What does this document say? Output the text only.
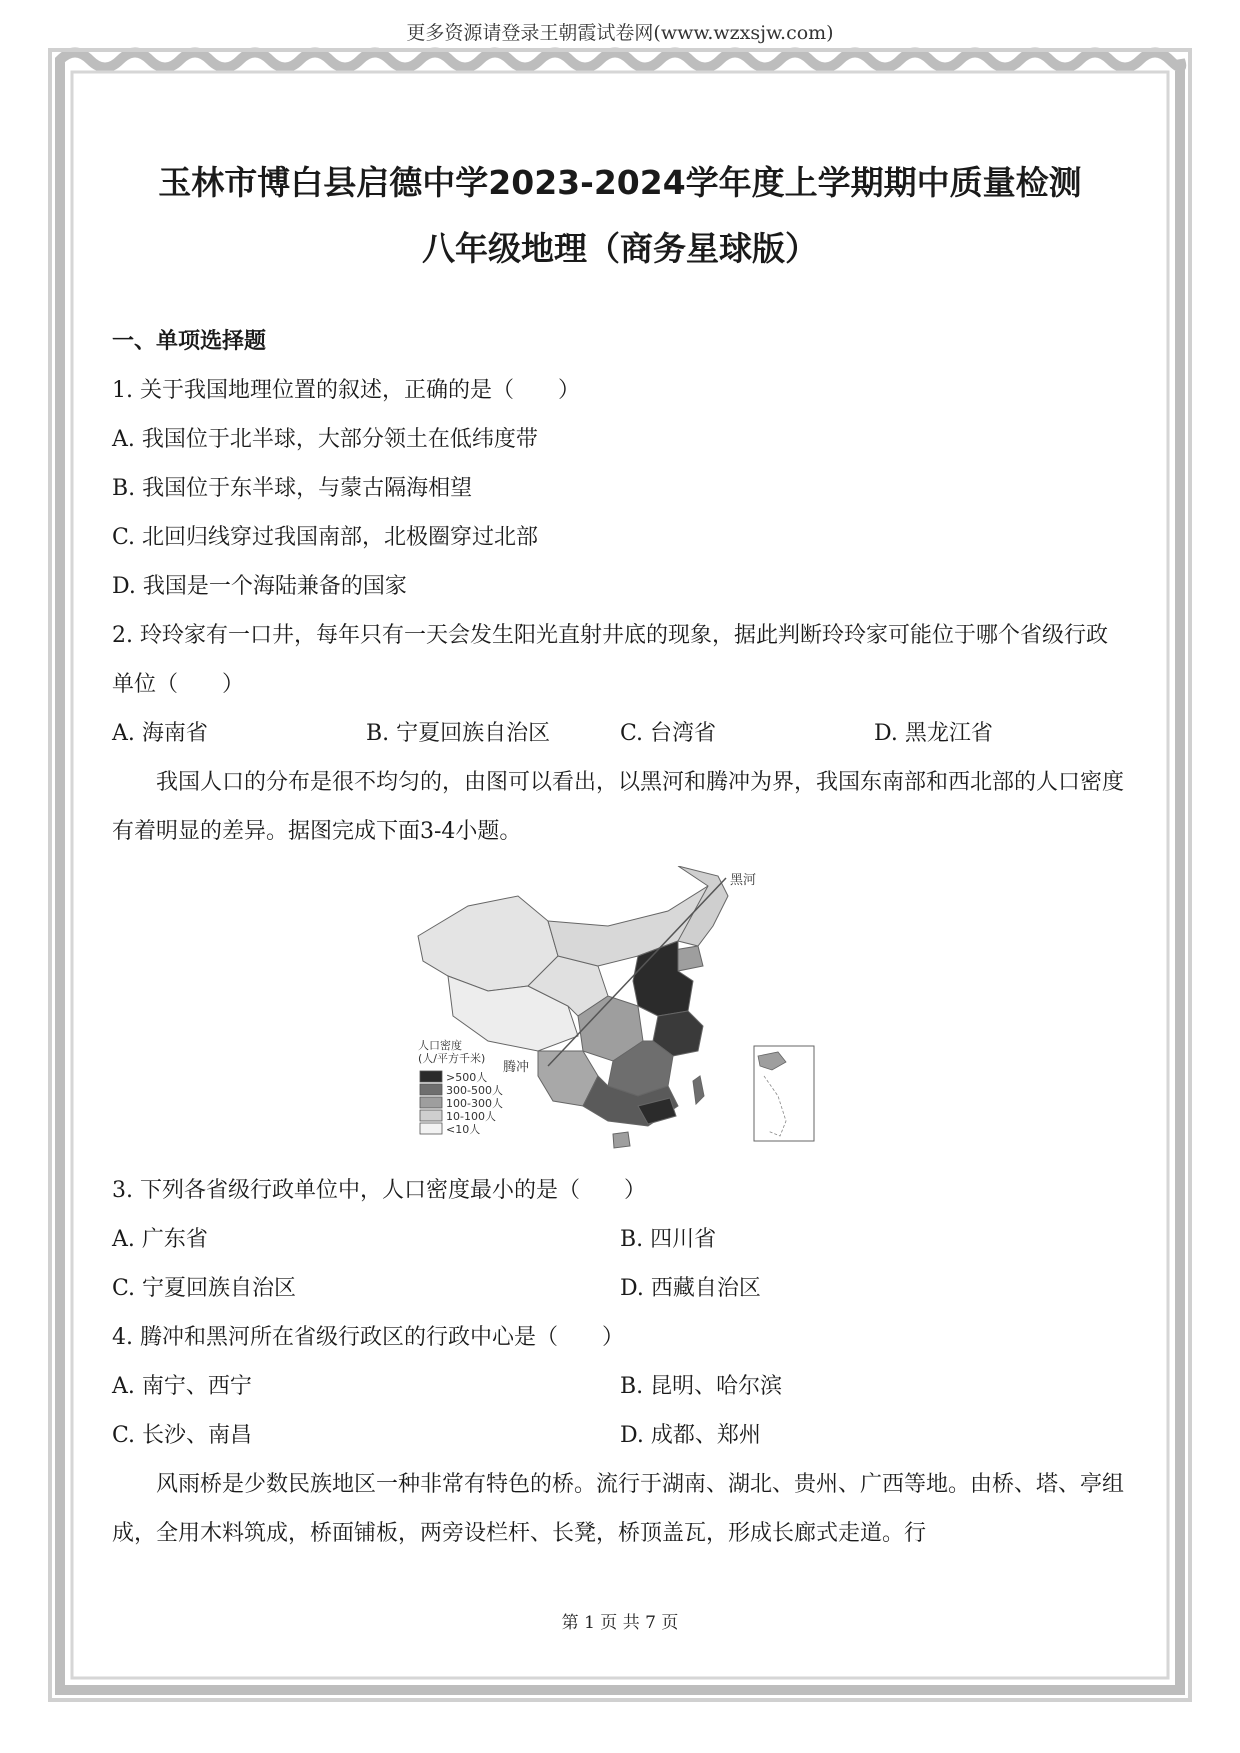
更多资源请登录王朝霞试卷网(www.wzxsjw.com)
玉林市博白县启德中学2023-2024学年度上学期期中质量检测
八年级地理（商务星球版）
一、单项选择题
1. 关于我国地理位置的叙述，正确的是（　　）
A. 我国位于北半球，大部分领土在低纬度带
B. 我国位于东半球，与蒙古隔海相望
C. 北回归线穿过我国南部，北极圈穿过北部
D. 我国是一个海陆兼备的国家
2. 玲玲家有一口井，每年只有一天会发生阳光直射井底的现象，据此判断玲玲家可能位于哪个省级行政单位（　　）
A. 海南省	B. 宁夏回族自治区	C. 台湾省	D. 黑龙江省
我国人口的分布是很不均匀的，由图可以看出，以黑河和腾冲为界，我国东南部和西北部的人口密度有着明显的差异。据图完成下面3-4小题。
黑河
腾冲
人口密度
(人/平方千米)
>500人
300-500人
100-300人
10-100人
<10人
3. 下列各省级行政单位中，人口密度最小的是（　　）
A. 广东省	B. 四川省
C. 宁夏回族自治区	D. 西藏自治区
4. 腾冲和黑河所在省级行政区的行政中心是（　　）
A. 南宁、西宁	B. 昆明、哈尔滨
C. 长沙、南昌	D. 成都、郑州
风雨桥是少数民族地区一种非常有特色的桥。流行于湖南、湖北、贵州、广西等地。由桥、塔、亭组成，全用木料筑成，桥面铺板，两旁设栏杆、长凳，桥顶盖瓦，形成长廊式走道。行
第 1 页 共 7 页
